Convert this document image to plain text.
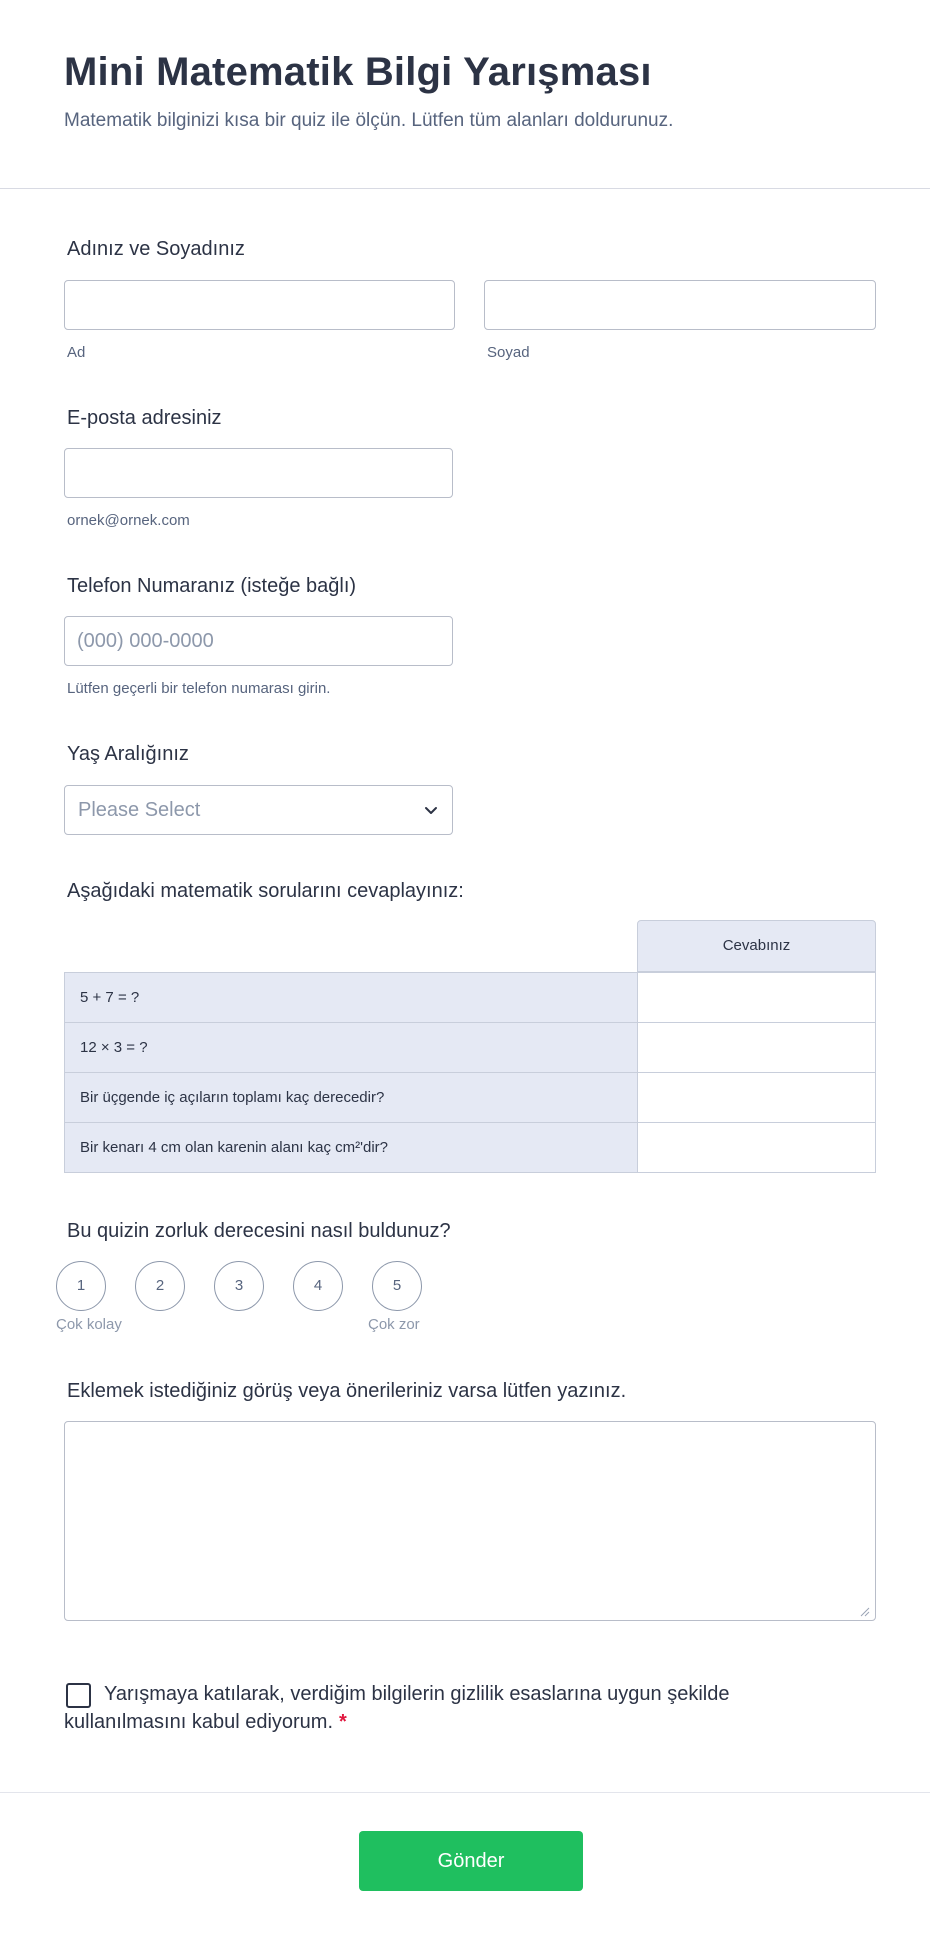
Mini Matematik Bilgi Yarışması
Matematik bilginizi kısa bir quiz ile ölçün. Lütfen tüm alanları doldurunuz.
Adınız ve Soyadınız
Ad	Soyad
E-posta adresiniz
ornek@ornek.com
Telefon Numaranız (isteğe bağlı)
(000) 000-0000
Lütfen geçerli bir telefon numarası girin.
Yaş Aralığınız
Please Select
Aşağıdaki matematik sorularını cevaplayınız:
Cevabınız
5 + 7 = ?
12 × 3 = ?
Bir üçgende iç açıların toplamı kaç derecedir?
Bir kenarı 4 cm olan karenin alanı kaç cm²'dir?
Bu quizin zorluk derecesini nasıl buldunuz?
1	2	3	4	5
Çok kolay	Çok zor
Eklemek istediğiniz görüş veya önerileriniz varsa lütfen yazınız.
Yarışmaya katılarak, verdiğim bilgilerin gizlilik esaslarına uygun şekilde kullanılmasını kabul ediyorum. *
Gönder
